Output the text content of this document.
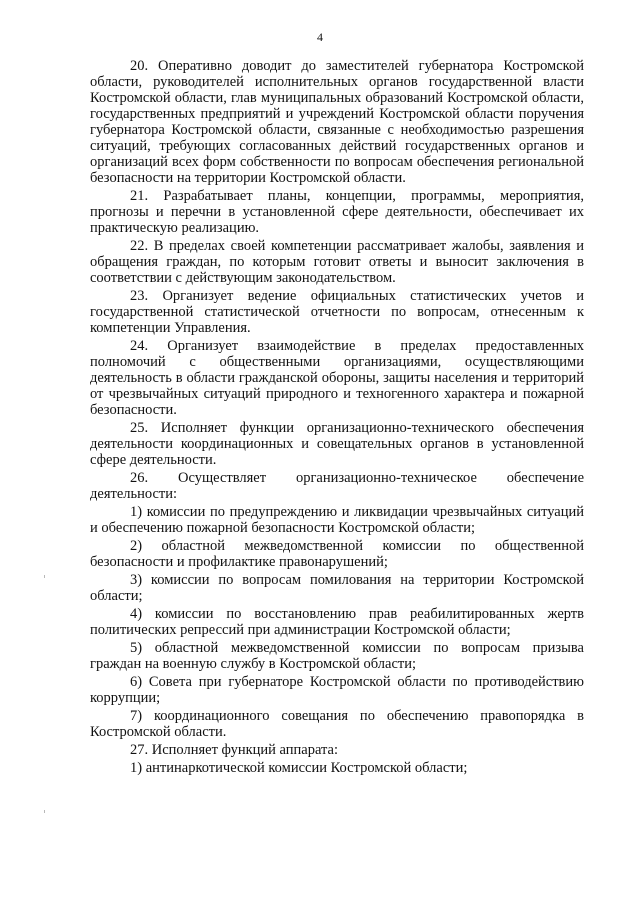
4

20. Оперативно доводит до заместителей губернатора Костромской области, руководителей исполнительных органов государственной власти Костромской области, глав муниципальных образований Костромской области, государственных предприятий и учреждений Костромской области поручения губернатора Костромской области, связанные с необходимостью разрешения ситуаций, требующих согласованных действий государственных органов и организаций всех форм собственности по вопросам обеспечения региональной безопасности на территории Костромской области.

21. Разрабатывает планы, концепции, программы, мероприятия, прогнозы и перечни в установленной сфере деятельности, обеспечивает их практическую реализацию.

22. В пределах своей компетенции рассматривает жалобы, заявления и обращения граждан, по которым готовит ответы и выносит заключения в соответствии с действующим законодательством.

23. Организует ведение официальных статистических учетов и государственной статистической отчетности по вопросам, отнесенным к компетенции Управления.

24. Организует взаимодействие в пределах предоставленных полномочий с общественными организациями, осуществляющими деятельность в области гражданской обороны, защиты населения и территорий от чрезвычайных ситуаций природного и техногенного характера и пожарной безопасности.

25. Исполняет функции организационно-технического обеспечения деятельности координационных и совещательных органов в установленной сфере деятельности.

26. Осуществляет организационно-техническое обеспечение деятельности:

1) комиссии по предупреждению и ликвидации чрезвычайных ситуаций и обеспечению пожарной безопасности Костромской области;

2) областной межведомственной комиссии по общественной безопасности и профилактике правонарушений;

3) комиссии по вопросам помилования на территории Костромской области;

4) комиссии по восстановлению прав реабилитированных жертв политических репрессий при администрации Костромской области;

5) областной межведомственной комиссии по вопросам призыва граждан на военную службу в Костромской области;

6) Совета при губернаторе Костромской области по противодействию коррупции;

7) координационного совещания по обеспечению правопорядка в Костромской области.

27. Исполняет функций аппарата:

1) антинаркотической комиссии Костромской области;
